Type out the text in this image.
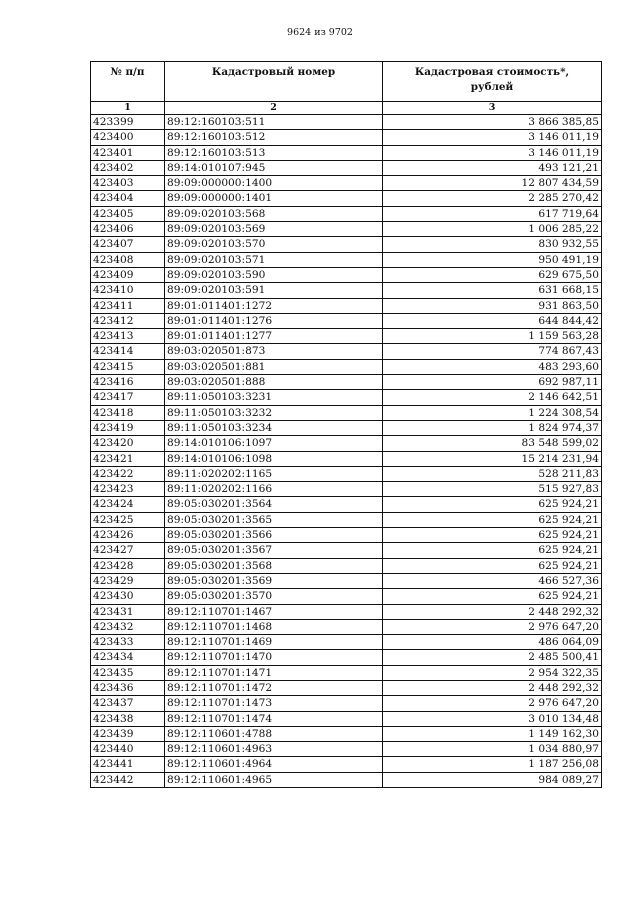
9624 из 9702
№ п/п	Кадастровый номер	Кадастровая стоимость*, рублей
1	2	3
423399	89:12:160103:511	3 866 385,85
423400	89:12:160103:512	3 146 011,19
423401	89:12:160103:513	3 146 011,19
423402	89:14:010107:945	493 121,21
423403	89:09:000000:1400	12 807 434,59
423404	89:09:000000:1401	2 285 270,42
423405	89:09:020103:568	617 719,64
423406	89:09:020103:569	1 006 285,22
423407	89:09:020103:570	830 932,55
423408	89:09:020103:571	950 491,19
423409	89:09:020103:590	629 675,50
423410	89:09:020103:591	631 668,15
423411	89:01:011401:1272	931 863,50
423412	89:01:011401:1276	644 844,42
423413	89:01:011401:1277	1 159 563,28
423414	89:03:020501:873	774 867,43
423415	89:03:020501:881	483 293,60
423416	89:03:020501:888	692 987,11
423417	89:11:050103:3231	2 146 642,51
423418	89:11:050103:3232	1 224 308,54
423419	89:11:050103:3234	1 824 974,37
423420	89:14:010106:1097	83 548 599,02
423421	89:14:010106:1098	15 214 231,94
423422	89:11:020202:1165	528 211,83
423423	89:11:020202:1166	515 927,83
423424	89:05:030201:3564	625 924,21
423425	89:05:030201:3565	625 924,21
423426	89:05:030201:3566	625 924,21
423427	89:05:030201:3567	625 924,21
423428	89:05:030201:3568	625 924,21
423429	89:05:030201:3569	466 527,36
423430	89:05:030201:3570	625 924,21
423431	89:12:110701:1467	2 448 292,32
423432	89:12:110701:1468	2 976 647,20
423433	89:12:110701:1469	486 064,09
423434	89:12:110701:1470	2 485 500,41
423435	89:12:110701:1471	2 954 322,35
423436	89:12:110701:1472	2 448 292,32
423437	89:12:110701:1473	2 976 647,20
423438	89:12:110701:1474	3 010 134,48
423439	89:12:110601:4788	1 149 162,30
423440	89:12:110601:4963	1 034 880,97
423441	89:12:110601:4964	1 187 256,08
423442	89:12:110601:4965	984 089,27
